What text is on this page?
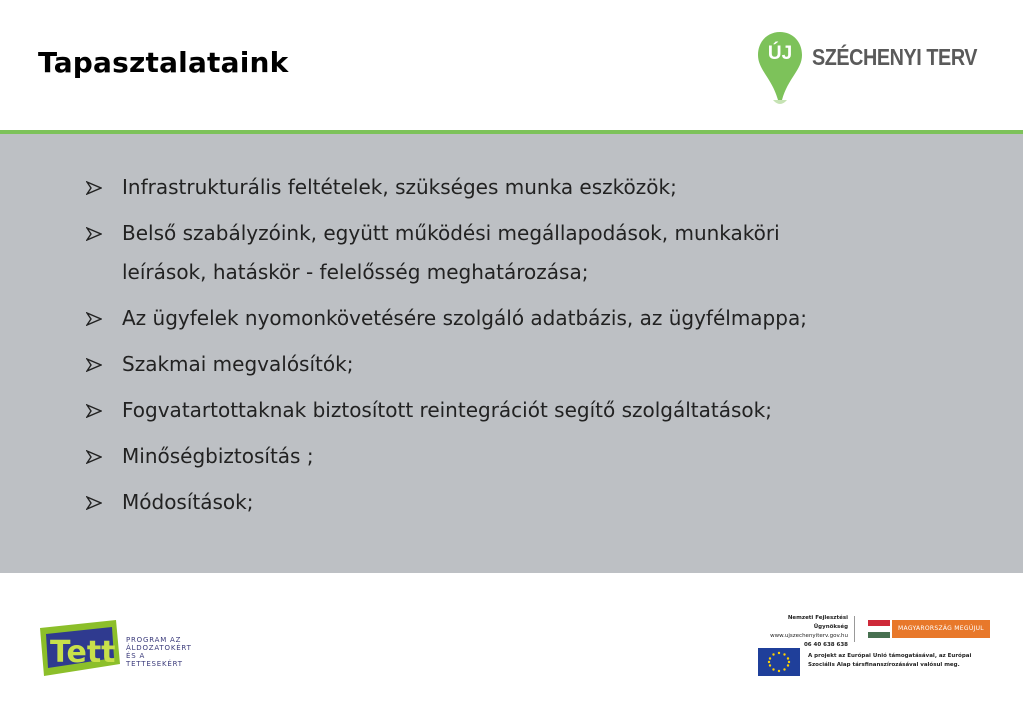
Tapasztalataink	ÚJ SZÉCHENYI TERV
Infrastrukturális feltételek, szükséges munka eszközök;
Belső szabályzóink, együtt működési megállapodások, munkaköri
leírások, hatáskör - felelősség meghatározása;
Az ügyfelek nyomonkövetésére szolgáló adatbázis, az ügyfélmappa;
Szakmai megvalósítók;
Fogvatartottaknak biztosított reintegrációt segítő szolgáltatások;
Minőségbiztosítás ;
Módosítások;
Tett PROGRAM AZ
ÁLDOZATOKÉRT
ÉS A TETTESEKÉRT
Nemzeti Fejlesztési Ügynökség
www.ujszechenyiterv.gov.hu
06 40 638 638
MAGYARORSZÁG MEGÚJUL
A projekt az Európai Unió támogatásával, az Európai Szociális Alap társfinanszírozásával valósul meg.
